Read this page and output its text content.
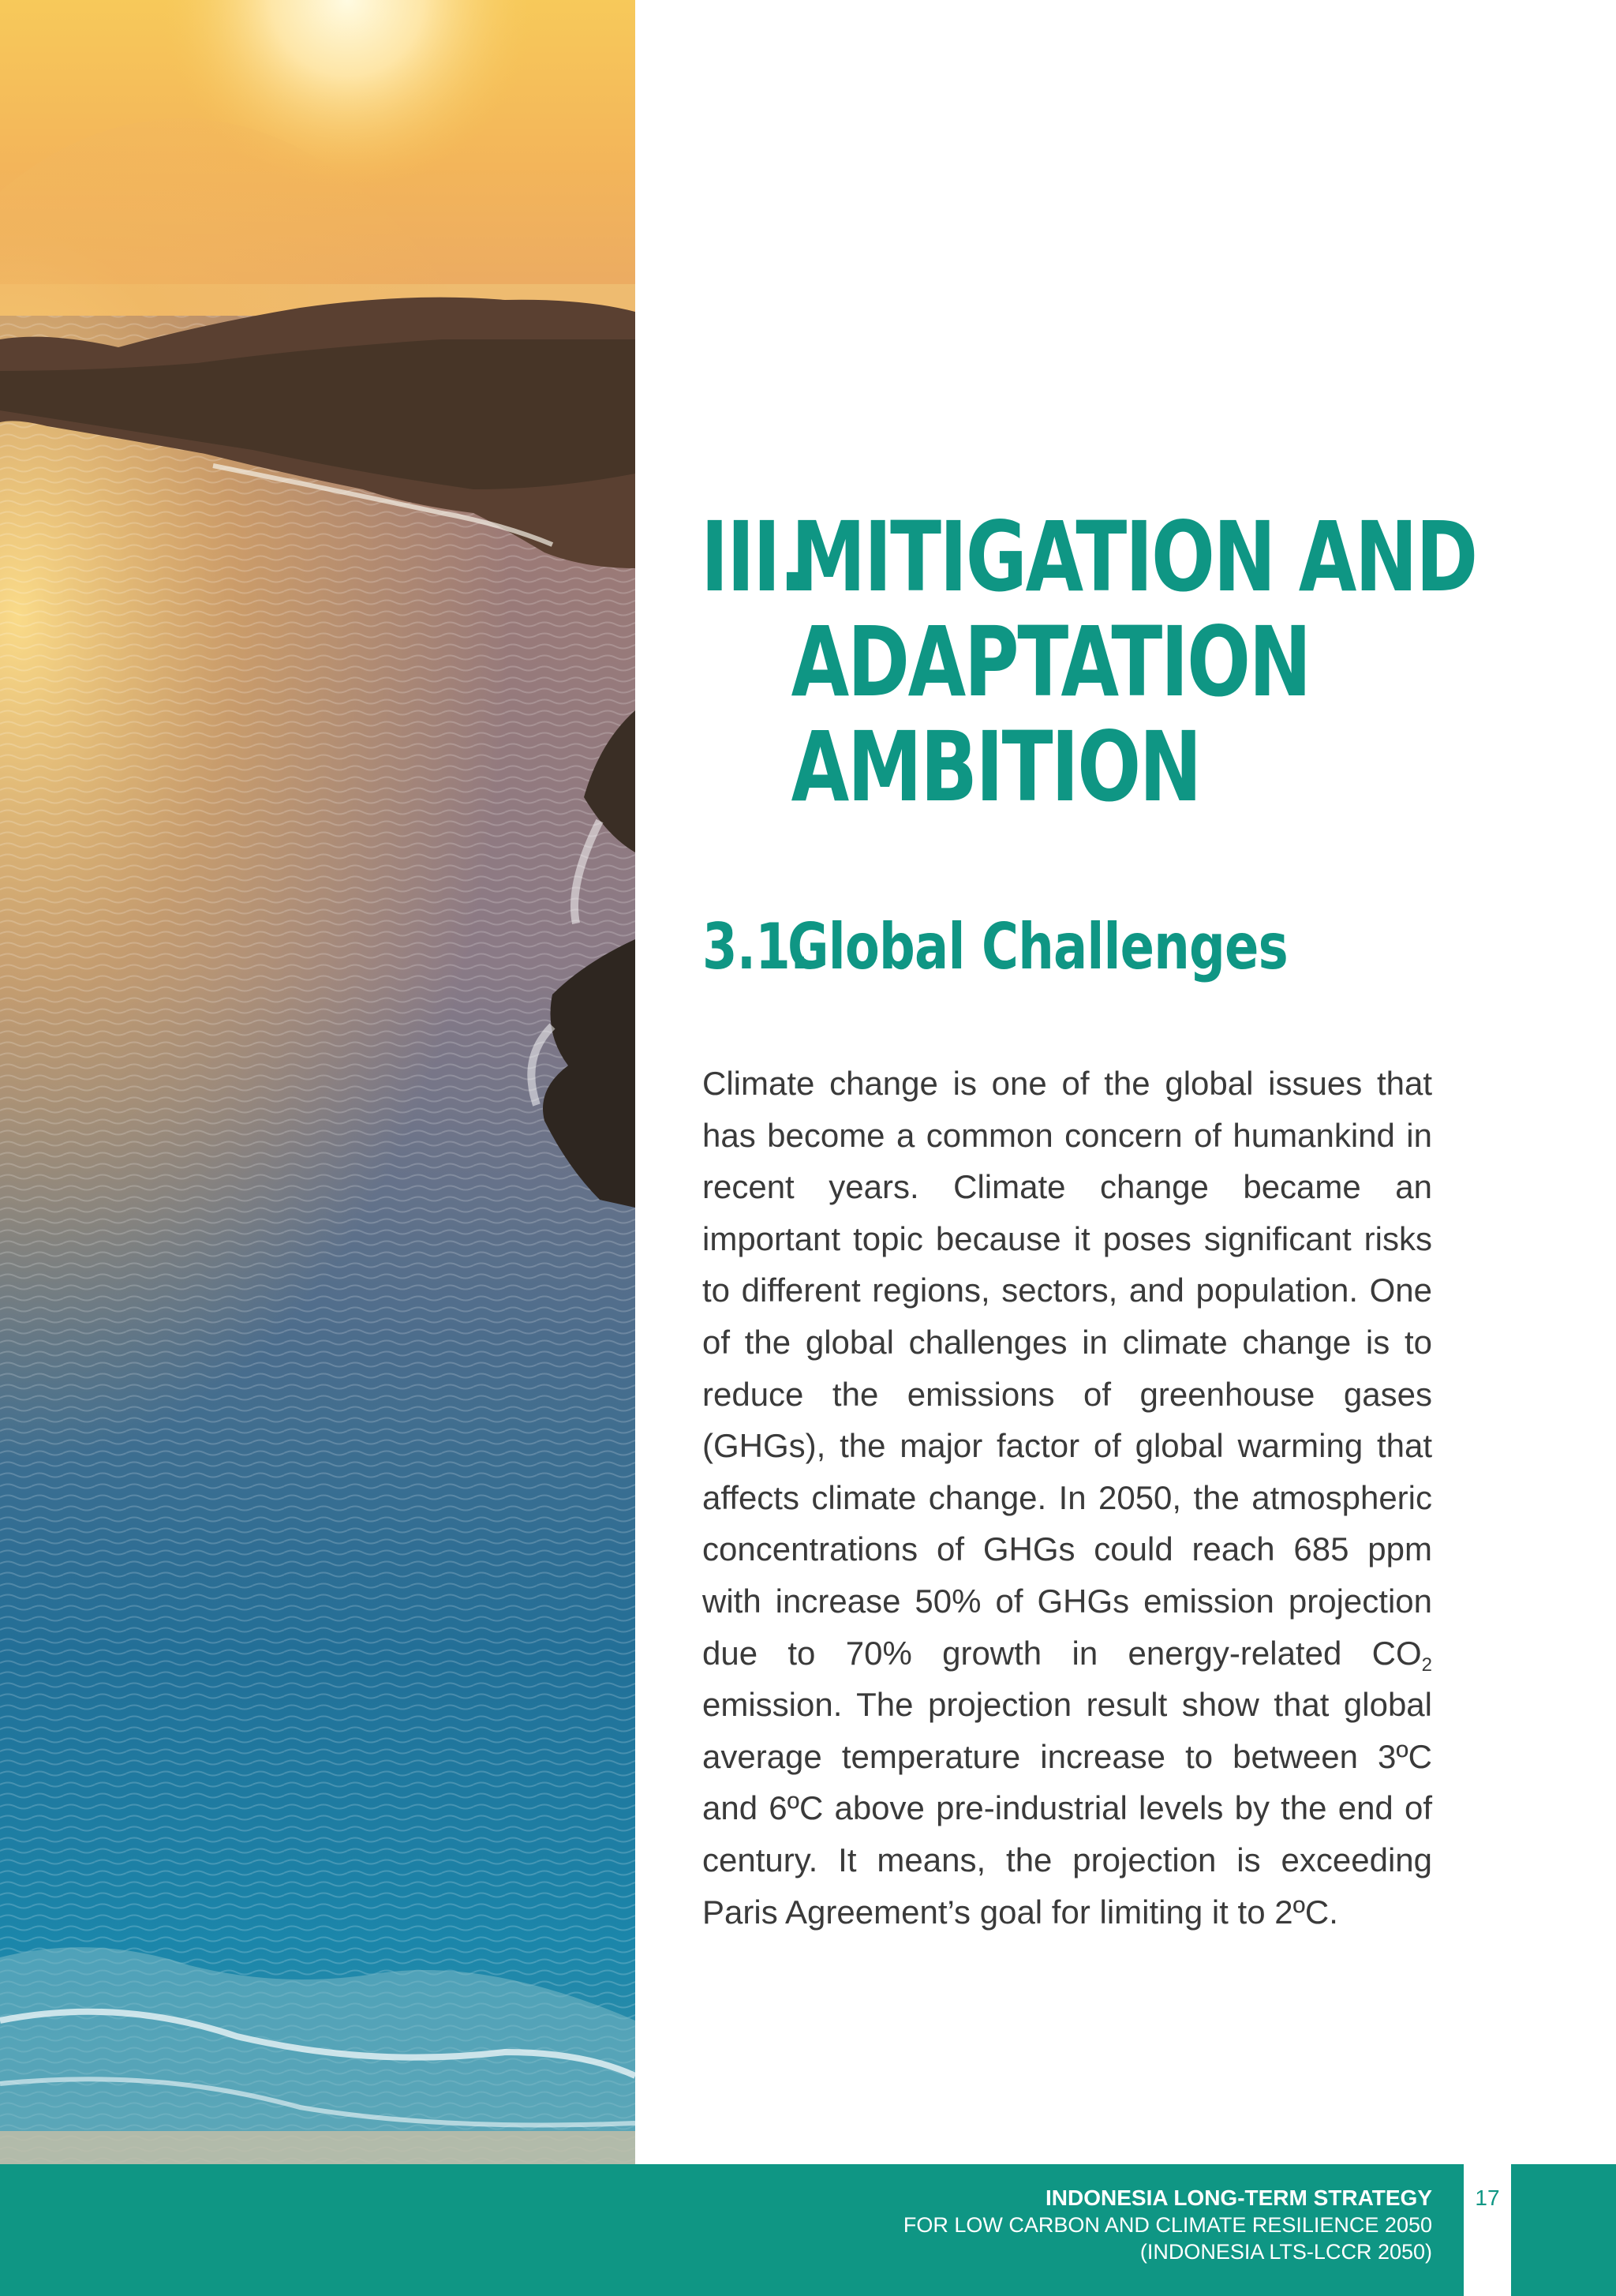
III.
MITIGATION AND
ADAPTATION
AMBITION
3.1.
Global Challenges

Climate change is one of the global issues that has become a common concern of humankind in recent years. Climate change became an important topic because it poses significant risks to different regions, sectors, and population. One of the global challenges in climate change is to reduce the emissions of greenhouse gases (GHGs), the major factor of global warming that affects climate change. In 2050, the atmospheric concentrations of GHGs could reach 685 ppm with increase 50% of GHGs emission projection due to 70% growth in energy-related $CO_2$ emission. The projection result show that global average temperature increase to between 3ºC and 6ºC above pre-industrial levels by the end of century. It means, the projection is exceeding Paris Agreement’s goal for limiting it to 2ºC.

INDONESIA LONG-TERM STRATEGY
FOR LOW CARBON AND CLIMATE RESILIENCE 2050
(INDONESIA LTS-LCCR 2050)
17
